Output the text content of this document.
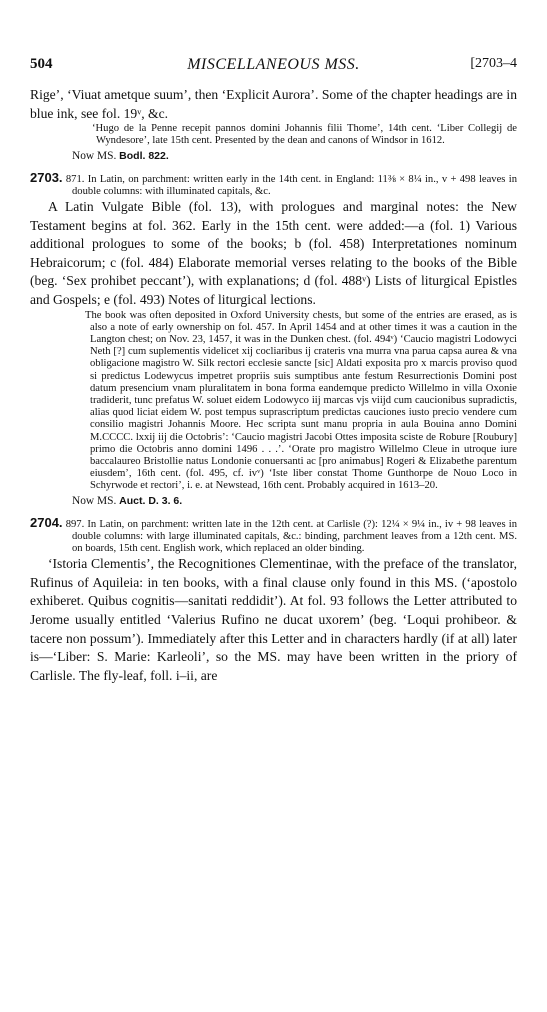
504	MISCELLANEOUS MSS.	[2703–4

Rige’, ‘Viuat ametque suum’, then ‘Explicit Aurora’. Some of the chapter headings are in blue ink, see fol. 19ᵛ, &c.

‘Hugo de la Penne recepit pannos domini Johannis filii Thome’, 14th cent. ‘Liber Collegij de Wyndesore’, late 15th cent. Presented by the dean and canons of Windsor in 1612.

Now MS. Bodl. 822.

2703. 871. In Latin, on parchment: written early in the 14th cent. in England: 11⅜ × 8¼ in., v + 498 leaves in double columns: with illuminated capitals, &c.

A Latin Vulgate Bible (fol. 13), with prologues and marginal notes: the New Testament begins at fol. 362. Early in the 15th cent. were added:—a (fol. 1) Various additional prologues to some of the books; b (fol. 458) Interpretationes nominum Hebraicorum; c (fol. 484) Elaborate memorial verses relating to the books of the Bible (beg. ‘Sex prohibet peccant’), with explanations; d (fol. 488ᵛ) Lists of liturgical Epistles and Gospels; e (fol. 493) Notes of liturgical lections.

The book was often deposited in Oxford University chests, but some of the entries are erased, as is also a note of early ownership on fol. 457. In April 1454 and at other times it was a caution in the Langton chest; on Nov. 23, 1457, it was in the Dunken chest. (fol. 494ᵛ) ‘Caucio magistri Lodowyci Neth [?] cum suplementis videlicet xij cocliaribus ij crateris vna murra vna parua capsa aurea & vna obligacione magistro W. Silk rectori ecclesie sancte [sic] Aldati exposita pro x marcis proviso quod si predictus Lodewycus impetret propriis suis sumptibus ante festum Resurrectionis Domini post datum presencium vnam pluralitatem in bona forma eandemque predicto Willelmo in villa Oxonie tradiderit, tunc prefatus W. soluet eidem Lodowyco iij marcas vjs viijd cum caucionibus supradictis, alias quod liciat eidem W. post tempus suprascriptum predictas cauciones iusto precio vendere cum consilio magistri Johannis Moore. Hec scripta sunt manu propria in aula Bouina anno Domini M.CCCC. lxxij iij die Octobris’: ‘Caucio magistri Jacobi Ottes imposita sciste de Robure [Roubury] primo die Octobris anno domini 1496 . . .’. ‘Orate pro magistro Willelmo Cleue in utroque iure baccalaureo Bristollie natus Londonie conuersanti ac [pro animabus] Rogeri & Elizabethe parentum eiusdem’, 16th cent. (fol. 495, cf. ivᵛ) ‘Iste liber constat Thome Gunthorpe de Nouo Loco in Schyrwode et rectori’, i. e. at Newstead, 16th cent. Probably acquired in 1613–20.

Now MS. Auct. D. 3. 6.

2704. 897. In Latin, on parchment: written late in the 12th cent. at Carlisle (?): 12¼ × 9¼ in., iv + 98 leaves in double columns: with large illuminated capitals, &c.: binding, parchment leaves from a 12th cent. MS. on boards, 15th cent. English work, which replaced an older binding.

‘Istoria Clementis’, the Recognitiones Clementinae, with the preface of the translator, Rufinus of Aquileia: in ten books, with a final clause only found in this MS. (‘apostolo exhiberet. Quibus cognitis—sanitati reddidit’). At fol. 93 follows the Letter attributed to Jerome usually entitled ‘Valerius Rufino ne ducat uxorem’ (beg. ‘Loqui prohibeor. & tacere non possum’). Immediately after this Letter and in characters hardly (if at all) later is—‘Liber: S. Marie: Karleoli’, so the MS. may have been written in the priory of Carlisle. The fly-leaf, foll. i–ii, are
